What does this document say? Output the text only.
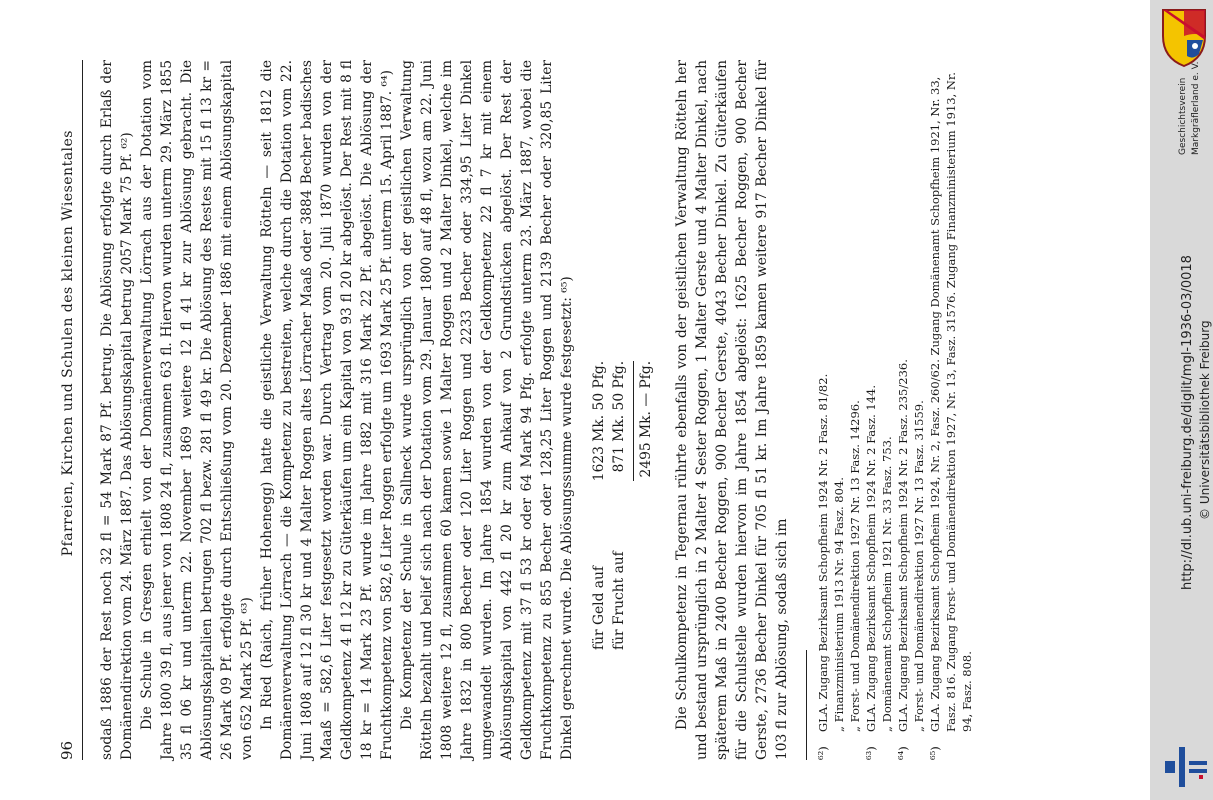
96
Pfarreien, Kirchen und Schulen des kleinen Wiesentales sodaß 1886 der Rest noch 32 fl = 54 Mark 87 Pf. betrug. Die Ablösung erfolgte durch Erlaß der Domänendirektion vom 24. März 1887. Das Ablösungskapital betrug 2057 Mark 75 Pf. ⁶²) Die Schule in Gresgen erhielt von der Domänenverwaltung Lörrach aus der Dotation vom Jahre 1800 39 fl, aus jener von 1808 24 fl, zusammen 63 fl. Hiervon wurden unterm 29. März 1855 35 fl 06 kr und unterm 22. November 1869 weitere 12 fl 41 kr zur Ablösung gebracht. Die Ablösungskapitalien betrugen 702 fl bezw. 281 fl 49 kr. Die Ablösung des Restes mit 15 fl 13 kr = 26 Mark 09 Pf. erfolgte durch Entschließung vom 20. Dezember 1886 mit einem Ablösungskapital von 652 Mark 25 Pf. ⁶³) In Ried (Raich, früher Hohenegg) hatte die geistliche Verwaltung Rötteln — seit 1812 die Domänenverwaltung Lörrach — die Kompetenz zu bestreiten, welche durch die Dotation vom 22. Juni 1808 auf 12 fl 30 kr und 4 Malter Roggen altes Lörracher Maaß oder 3884 Becher badisches Maaß = 582,6 Liter festgesetzt worden war. Durch Vertrag vom 20. Juli 1870 wurden von der Geldkompetenz 4 fl 12 kr zu Güterkäufen um ein Kapital von 93 fl 20 kr abgelöst. Der Rest mit 8 fl 18 kr = 14 Mark 23 Pf. wurde im Jahre 1882 mit 316 Mark 22 Pf. abgelöst. Die Ablösung der Fruchtkompetenz von 582,6 Liter Roggen erfolgte um 1693 Mark 25 Pf. unterm 15. April 1887. ⁶⁴) Die Kompetenz der Schule in Sallneck wurde ursprünglich von der geistlichen Verwaltung Rötteln bezahlt und belief sich nach der Dotation vom 29. Januar 1800 auf 48 fl, wozu am 22. Juni 1808 weitere 12 fl, zusammen 60 kamen sowie 1 Malter Roggen und 2 Malter Dinkel, welche im Jahre 1832 in 800 Becher oder 120 Liter Roggen und 2233 Becher oder 334,95 Liter Dinkel umgewandelt wurden. Im Jahre 1854 wurden von der Geldkompetenz 22 fl 7 kr mit einem Ablösungskapital von 442 fl 20 kr zum Ankauf von 2 Grundstücken abgelöst. Der Rest der Geldkompetenz mit 37 fl 53 kr oder 64 Mark 94 Pfg. erfolgte unterm 23. März 1887, wobei die Fruchtkompetenz zu 855 Becher oder 128,25 Liter Roggen und 2139 Becher oder 320,85 Liter Dinkel gerechnet wurde. Die Ablösungssumme wurde festgesetzt: ⁶⁵) für Geld auf für Frucht auf
1623 Mk. 50 Pfg. 871 Mk. 50 Pfg. 2495 Mk. — Pfg. Die Schulkompetenz in Tegernau rührte ebenfalls von der geistlichen Verwaltung Rötteln her und bestand ursprünglich in 2 Malter 4 Sester Roggen, 1 Malter Gerste und 4 Malter Dinkel, nach späterem Maß in 2400 Becher Roggen, 900 Becher Gerste, 4043 Becher Dinkel. Zu Güterkäufen für die Schulstelle wurden hiervon im Jahre 1854 abgelöst: 1625 Becher Roggen, 900 Becher Gerste, 2736 Becher Dinkel für 705 fl 51 kr. Im Jahre 1859 kamen weitere 917 Becher Dinkel für 103 fl zur Ablösung, sodaß sich im ⁶²)
GLA. Zugang Bezirksamt Schopfheim 1924 Nr. 2 Fasz. 81/82. „ Finanzministerium 1913 Nr. 94 Fasz. 804. „ Forst- und Domänendirektion 1927 Nr. 13 Fasz. 14296.
⁶³)
GLA. Zugang Bezirksamt Schopfheim 1924 Nr. 2 Fasz. 144. „ Domänenamt Schopfheim 1921 Nr. 33 Fasz. 753.
⁶⁴)
GLA. Zugang Bezirksamt Schopfheim 1924 Nr. 2 Fasz. 235/236. „ Forst- und Domänendirektion 1927 Nr. 13 Fasz. 31559.
⁶⁵)
GLA. Zugang Bezirksamt Schopfheim 1924, Nr. 2, Fasz. 260/62. Zugang Domänenamt Schopfheim 1921, Nr. 33, Fasz. 816. Zugang Forst- und Domänendirektion 1927, Nr. 13, Fasz. 31576. Zugang Finanzministerium 1913, Nr. 94, Fasz. 808.
http://dl.ub.uni-freiburg.de/diglit/mgl-1936-03/0018 © Universitätsbibliothek Freiburg
Geschichtsverein Markgräflerland e. V.
